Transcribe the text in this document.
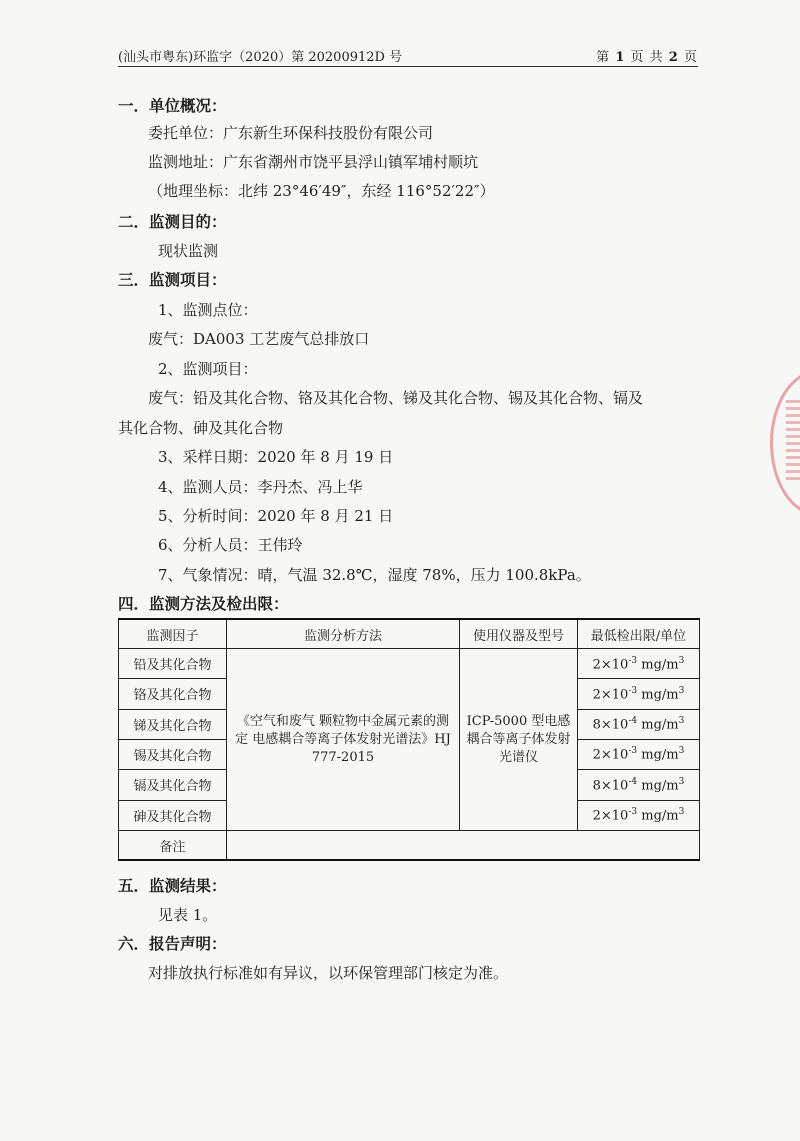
(汕头市粤东)环监字（2020）第 20200912D 号	第 1 页 共 2 页
一．单位概况：
委托单位：广东新生环保科技股份有限公司
监测地址：广东省潮州市饶平县浮山镇军埔村顺坑
（地理坐标：北纬 23°46′49″，东经 116°52′22″）
二．监测目的：
现状监测
三．监测项目：
1、监测点位：
废气：DA003 工艺废气总排放口
2、监测项目：
废气：铅及其化合物、铬及其化合物、锑及其化合物、锡及其化合物、镉及
其化合物、砷及其化合物
3、采样日期：2020 年 8 月 19 日
4、监测人员：李丹杰、冯上华
5、分析时间：2020 年 8 月 21 日
6、分析人员：王伟玲
7、气象情况：晴，气温 32.8℃，湿度 78%，压力 100.8kPa。
四．监测方法及检出限：
监测因子	监测分析方法	使用仪器及型号	最低检出限/单位
铅及其化合物	《空气和废气 颗粒物中金属元素的测定 电感耦合等离子体发射光谱法》HJ 777-2015	ICP-5000 型电感耦合等离子体发射光谱仪	$2\times 10^{-3}$ $mg/m^3$
铬及其化合物			$2\times 10^{-3}$ $mg/m^3$
锑及其化合物			$8\times 10^{-4}$ $mg/m^3$
锡及其化合物			$2\times 10^{-3}$ $mg/m^3$
镉及其化合物			$8\times 10^{-4}$ $mg/m^3$
砷及其化合物			$2\times 10^{-3}$ $mg/m^3$
备注			
五．监测结果：
见表 1。
六．报告声明：
对排放执行标准如有异议，以环保管理部门核定为准。
